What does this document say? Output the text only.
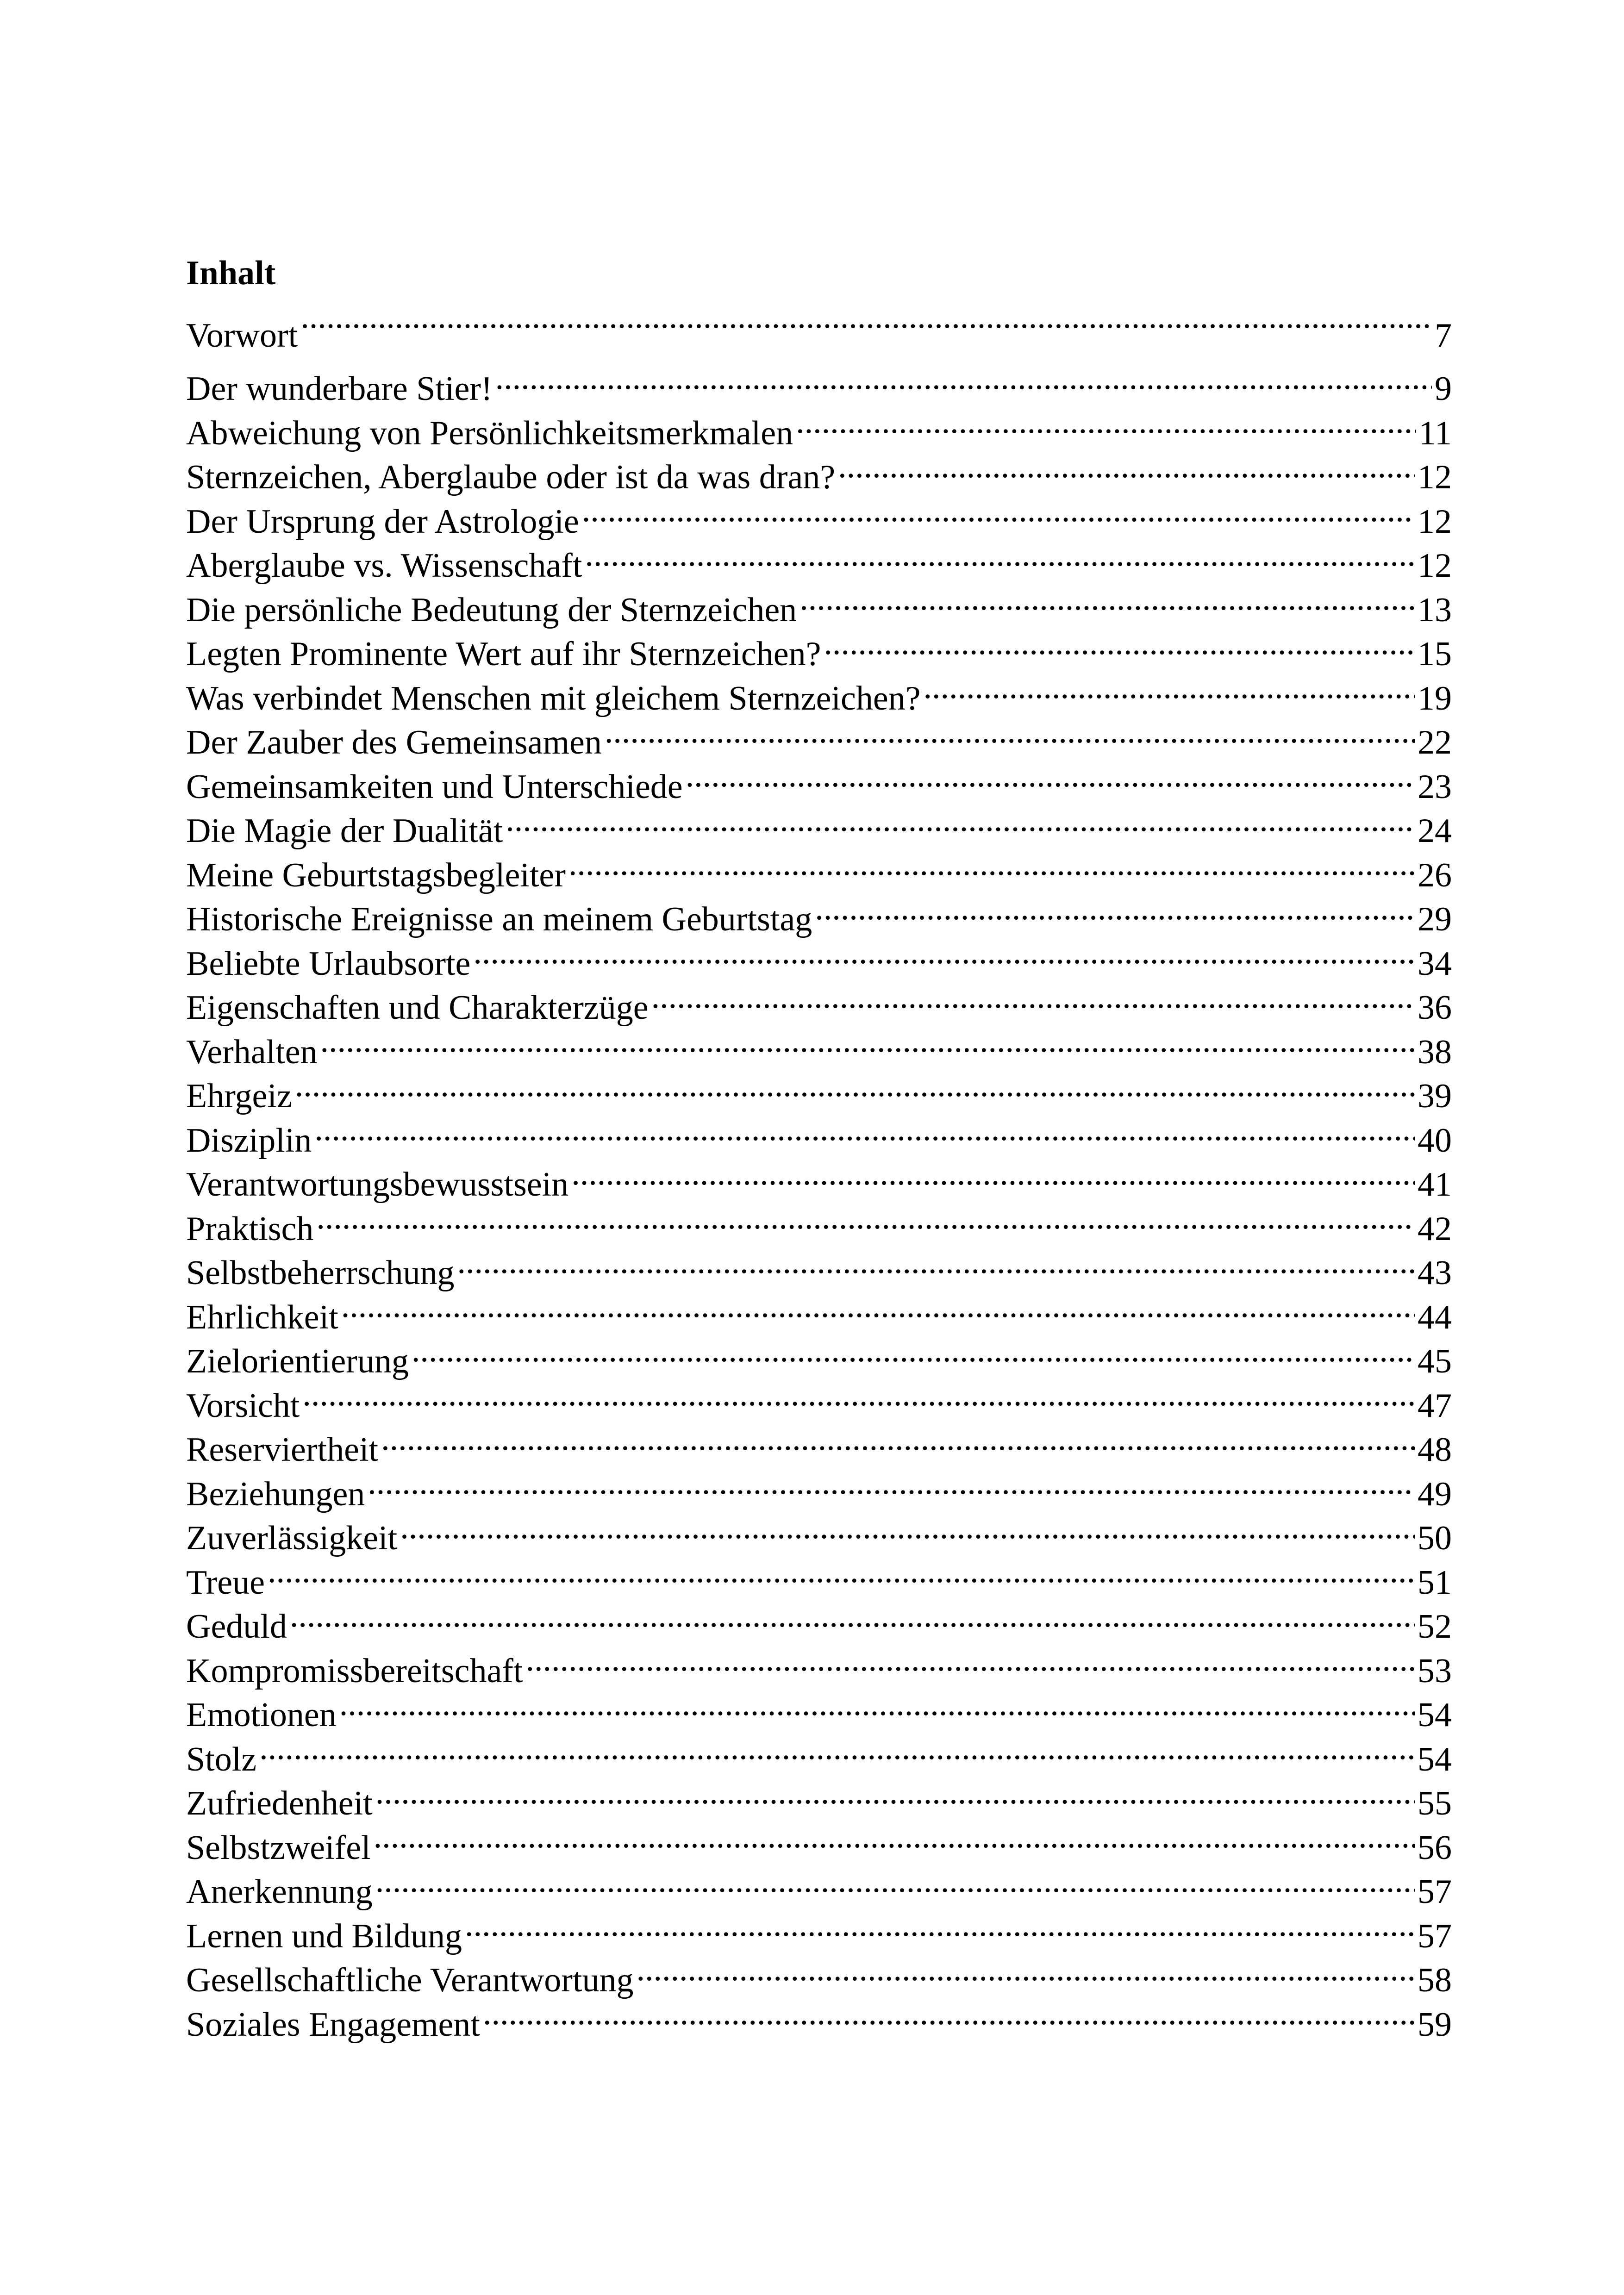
Inhalt
Vorwort .....	7
Der wunderbare Stier! .....	9
Abweichung von Persönlichkeitsmerkmalen .....	11
Sternzeichen, Aberglaube oder ist da was dran? .....	12
Der Ursprung der Astrologie .....	12
Aberglaube vs. Wissenschaft .....	12
Die persönliche Bedeutung der Sternzeichen .....	13
Legten Prominente Wert auf ihr Sternzeichen? .....	15
Was verbindet Menschen mit gleichem Sternzeichen? .....	19
Der Zauber des Gemeinsamen .....	22
Gemeinsamkeiten und Unterschiede .....	23
Die Magie der Dualität .....	24
Meine Geburtstagsbegleiter .....	26
Historische Ereignisse an meinem Geburtstag .....	29
Beliebte Urlaubsorte .....	34
Eigenschaften und Charakterzüge .....	36
Verhalten .....	38
Ehrgeiz .....	39
Disziplin .....	40
Verantwortungsbewusstsein .....	41
Praktisch .....	42
Selbstbeherrschung .....	43
Ehrlichkeit .....	44
Zielorientierung .....	45
Vorsicht .....	47
Reserviertheit .....	48
Beziehungen .....	49
Zuverlässigkeit .....	50
Treue .....	51
Geduld .....	52
Kompromissbereitschaft .....	53
Emotionen .....	54
Stolz .....	54
Zufriedenheit .....	55
Selbstzweifel .....	56
Anerkennung .....	57
Lernen und Bildung .....	57
Gesellschaftliche Verantwortung .....	58
Soziales Engagement .....	59
